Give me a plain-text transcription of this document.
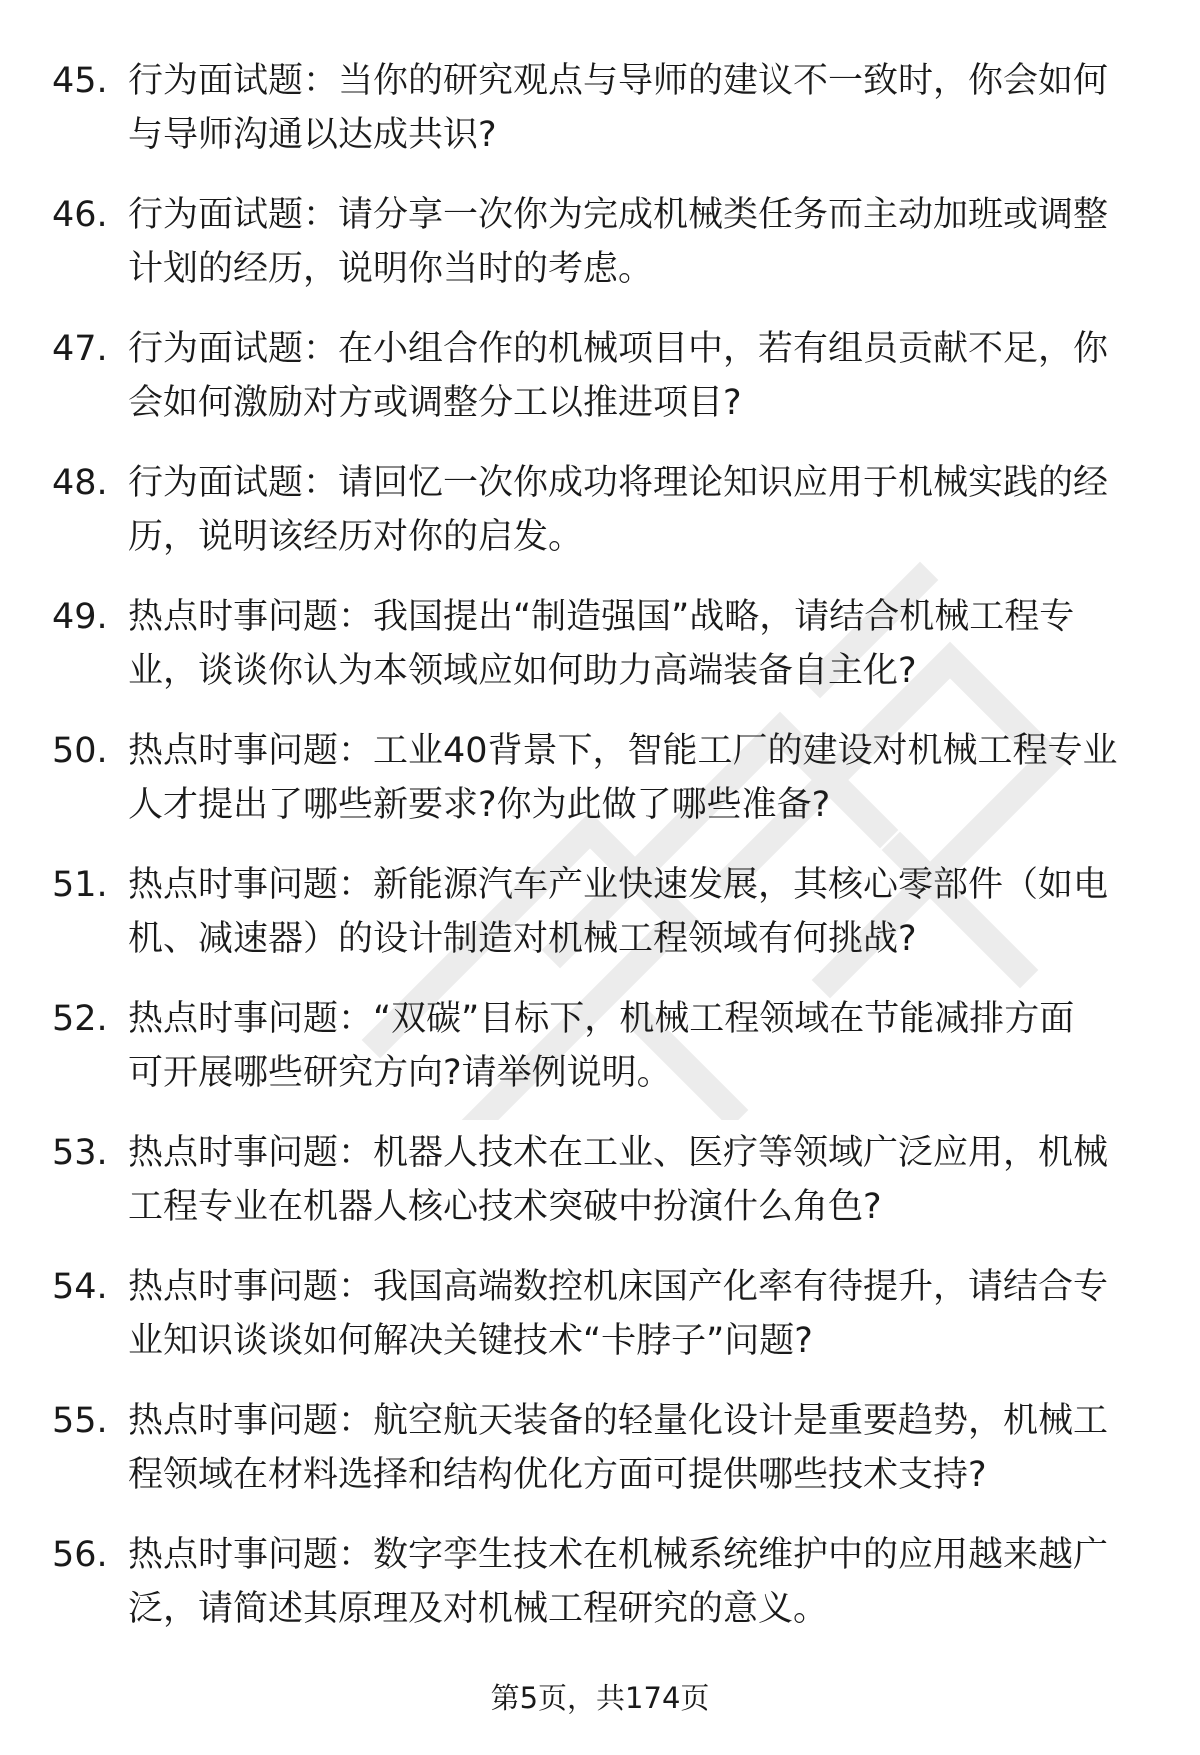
45. 行为面试题：当你的研究观点与导师的建议不一致时，你会如何
与导师沟通以达成共识?
46. 行为面试题：请分享一次你为完成机械类任务而主动加班或调整
计划的经历，说明你当时的考虑。
47. 行为面试题：在小组合作的机械项目中，若有组员贡献不足，你
会如何激励对方或调整分工以推进项目?
48. 行为面试题：请回忆一次你成功将理论知识应用于机械实践的经
历，说明该经历对你的启发。
49. 热点时事问题：我国提出“制造强国”战略，请结合机械工程专
业，谈谈你认为本领域应如何助力高端装备自主化?
50. 热点时事问题：工业40背景下，智能工厂的建设对机械工程专业
人才提出了哪些新要求?你为此做了哪些准备?
51. 热点时事问题：新能源汽车产业快速发展，其核心零部件（如电
机、减速器）的设计制造对机械工程领域有何挑战?
52. 热点时事问题：“双碳”目标下，机械工程领域在节能减排方面
可开展哪些研究方向?请举例说明。
53. 热点时事问题：机器人技术在工业、医疗等领域广泛应用，机械
工程专业在机器人核心技术突破中扮演什么角色?
54. 热点时事问题：我国高端数控机床国产化率有待提升，请结合专
业知识谈谈如何解决关键技术“卡脖子”问题?
55. 热点时事问题：航空航天装备的轻量化设计是重要趋势，机械工
程领域在材料选择和结构优化方面可提供哪些技术支持?
56. 热点时事问题：数字孪生技术在机械系统维护中的应用越来越广
泛，请简述其原理及对机械工程研究的意义。
第5页，共174页
